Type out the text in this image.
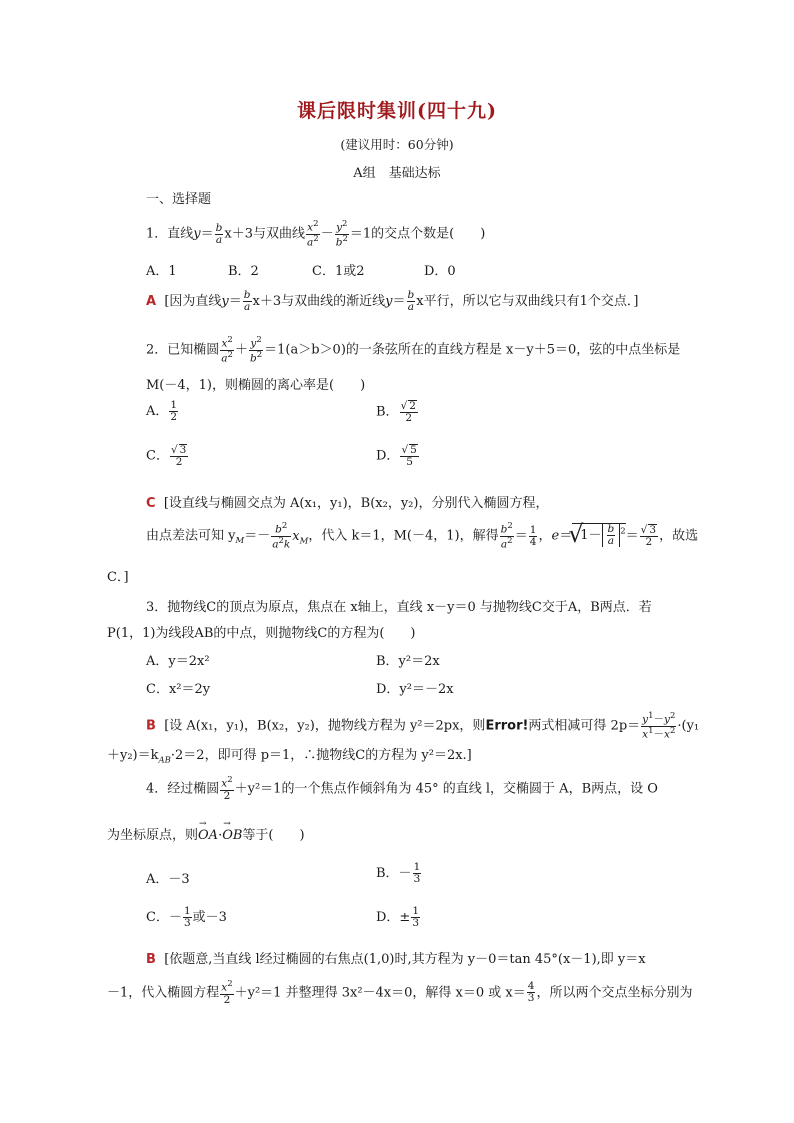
课后限时集训(四十九)
(建议用时：60分钟)
A组　基础达标
一、选择题
1．直线$y= \frac{b}{a} x+3$与双曲线 $\frac{x^2}{a^2} - \frac{y^2}{b^2} =1$的交点个数是(　　)
A．1	B．2	C．1或2	D．0
A [因为直线$y= \frac{b}{a} x+3$与双曲线的渐近线$y= \frac{b}{a}$ x平行，所以它与双曲线只有1个交点．]
2．已知椭圆 $\frac{x^2}{a^2} + \frac{y^2}{b^2} =1(a>b>0)$的一条弦所在的直线方程是 x－y＋5＝0，弦的中点坐标是
M(－4，1)，则椭圆的离心率是(　　)
A． $\frac{1}{2}$	B． $\frac{√ 2}{2}$
C． $\frac{√ 3}{2}$	D． $\frac{√ 5}{5}$
C [设直线与椭圆交点为 A(x₁，y₁)，B(x₂，y₂)，分别代入椭圆方程，
由点差法可知 $y_M=- \frac{b^2}{a^2k} x_M$，代入 k＝1，M(－4，1)，解得 $\frac{b^2}{a^2} = \frac{1}{4}$ ，e＝√ $1- \frac{b}{a} ^2= \frac{√ 3}{2}$ ，故选
C．]
3．抛物线C的顶点为原点，焦点在 x轴上，直线 x－y＝0 与抛物线C交于A，B两点．若
P(1，1)为线段AB的中点，则抛物线C的方程为(　　)
A．y＝2x²	B．y²＝2x
C．x²＝2y	D．y²＝－2x
B [设 A(x₁，y₁)，B(x₂，y₂)，抛物线方程为 y²＝2px，则Error!两式相减可得 $2p= \frac{y^1-y^2}{x^1-x^2} \cdot(y_1$
$+y_2)=k_{AB}\cdot 2=2$，即可得 p＝1，∴抛物线C的方程为 y²＝2x.]
4．经过椭圆 $\frac{x^2}{2} +y^2=1$的一个焦点作倾斜角为 45° 的直线 l，交椭圆于 A，B两点，设 O
为坐标原点，则→ OA·→ OB等于(　　)
A．－3	B．－ $\frac{1}{3}$
C．－ $\frac{1}{3}$ 或－3	D．± $\frac{1}{3}$
B [依题意,当直线 l经过椭圆的右焦点(1,0)时,其方程为 y－0＝tan 45°(x－1),即 y＝x
－1，代入椭圆方程 $\frac{x^2}{2} +y^2=1$ 并整理得 3x²－4x＝0，解得 x＝0 或 $x= \frac{4}{3}$ ，所以两个交点坐标分别为
